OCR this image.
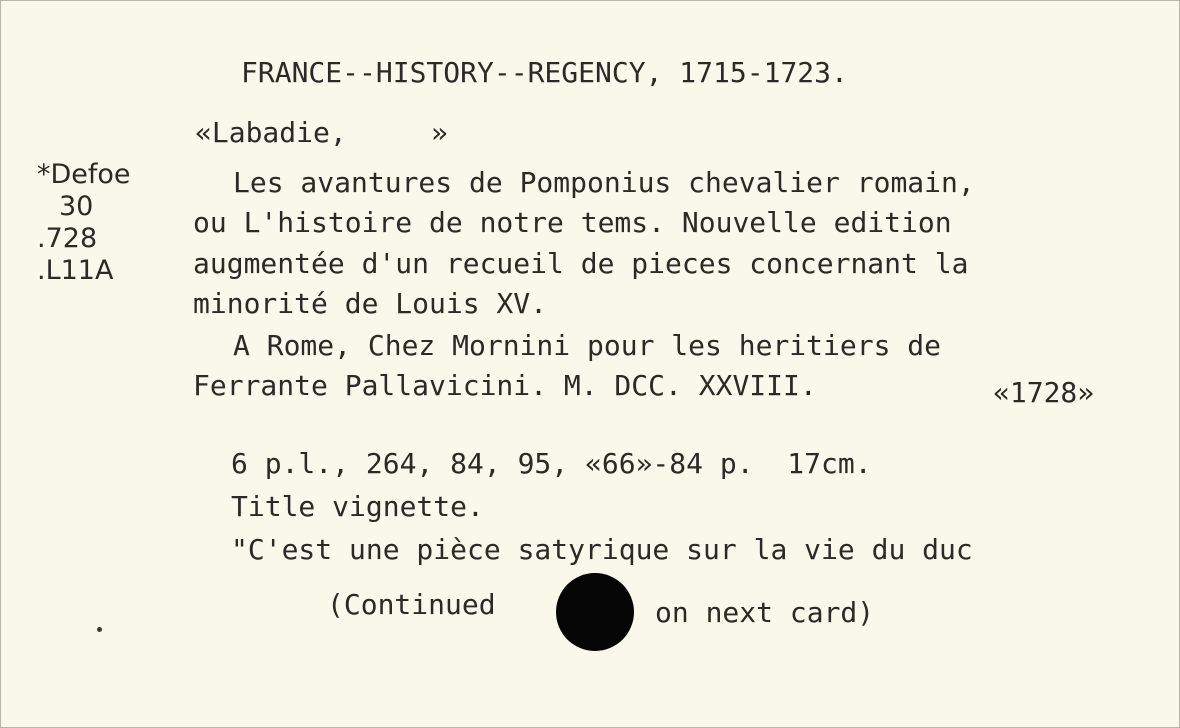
FRANCE--HISTORY--REGENCY, 1715-1723.
«Labadie,     »
*Defoe
30
.728
.L11A
Les avantures de Pomponius chevalier romain,
ou L'histoire de notre tems. Nouvelle edition
augmentée d'un recueil de pieces concernant la
minorité de Louis XV.
A Rome, Chez Mornini pour les heritiers de
Ferrante Pallavicini. M. DCC. XXVIII.	«1728»
6 p.l., 264, 84, 95, «66»-84 p.  17cm.
Title vignette.
"C'est une pièce satyrique sur la vie du duc
(Continued	on next card)
